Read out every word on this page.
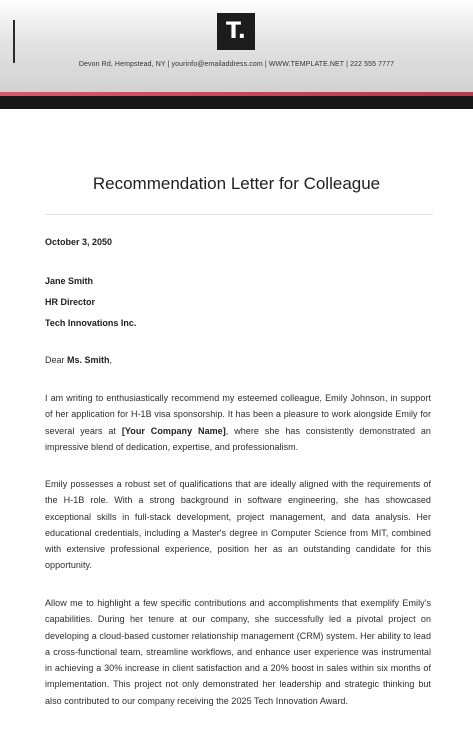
T.
Devon Rd, Hempstead, NY | yourinfo@emailaddress.com | WWW.TEMPLATE.NET | 222 555 7777
Recommendation Letter for Colleague

October 3, 2050

Jane Smith

HR Director

Tech Innovations Inc.

Dear Ms. Smith,

I am writing to enthusiastically recommend my esteemed colleague, Emily Johnson, in support of her application for H-1B visa sponsorship. It has been a pleasure to work alongside Emily for several years at [Your Company Name], where she has consistently demonstrated an impressive blend of dedication, expertise, and professionalism.

Emily possesses a robust set of qualifications that are ideally aligned with the requirements of the H-1B role. With a strong background in software engineering, she has showcased exceptional skills in full-stack development, project management, and data analysis. Her educational credentials, including a Master's degree in Computer Science from MIT, combined with extensive professional experience, position her as an outstanding candidate for this opportunity.

Allow me to highlight a few specific contributions and accomplishments that exemplify Emily's capabilities. During her tenure at our company, she successfully led a pivotal project on developing a cloud-based customer relationship management (CRM) system. Her ability to lead a cross-functional team, streamline workflows, and enhance user experience was instrumental in achieving a 30% increase in client satisfaction and a 20% boost in sales within six months of implementation. This project not only demonstrated her leadership and strategic thinking but also contributed to our company receiving the 2025 Tech Innovation Award.
